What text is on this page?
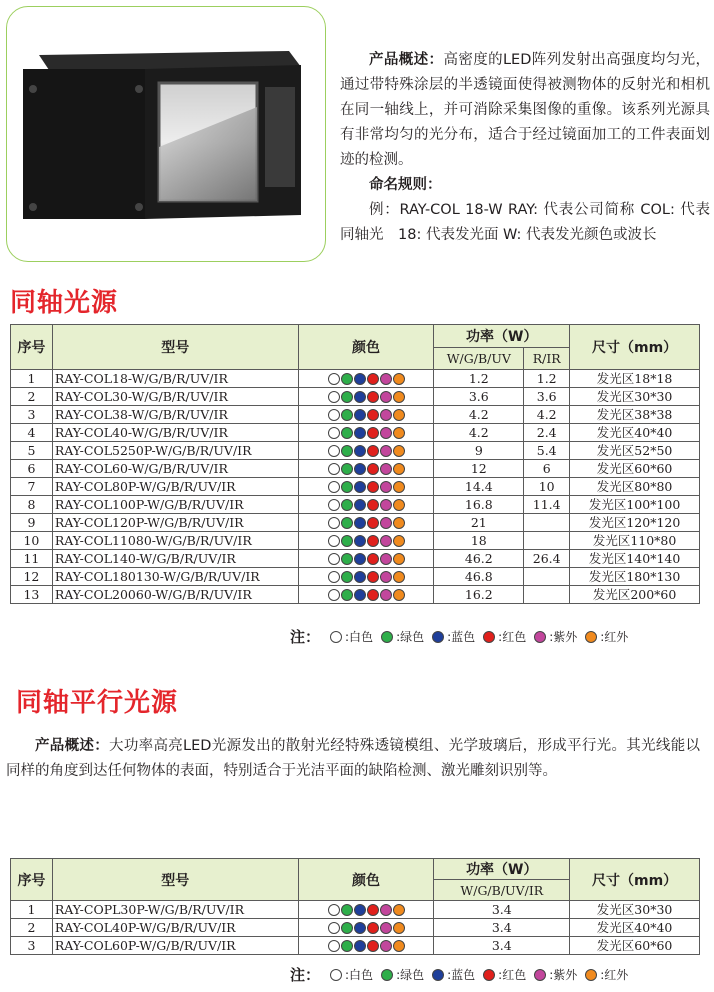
产品概述：高密度的LED阵列发射出高强度均匀光，通过带特殊涂层的半透镜面使得被测物体的反射光和相机在同一轴线上，并可消除采集图像的重像。该系列光源具有非常均匀的光分布，适合于经过镜面加工的工件表面划迹的检测。

命名规则：

例：RAY-COL 18-W RAY: 代表公司简称 COL: 代表同轴光　18: 代表发光面 W: 代表发光颜色或波长

同轴光源
序号	型号	颜色	功率（W）		尺寸（mm）
			W/G/B/UV	R/IR	
1	RAY-COL18-W/G/B/R/UV/IR		1.2	1.2	发光区18*18
2	RAY-COL30-W/G/B/R/UV/IR		3.6	3.6	发光区30*30
3	RAY-COL38-W/G/B/R/UV/IR		4.2	4.2	发光区38*38
4	RAY-COL40-W/G/B/R/UV/IR		4.2	2.4	发光区40*40
5	RAY-COL5250P-W/G/B/R/UV/IR		9	5.4	发光区52*50
6	RAY-COL60-W/G/B/R/UV/IR		12	6	发光区60*60
7	RAY-COL80P-W/G/B/R/UV/IR		14.4	10	发光区80*80
8	RAY-COL100P-W/G/B/R/UV/IR		16.8	11.4	发光区100*100
9	RAY-COL120P-W/G/B/R/UV/IR		21		发光区120*120
10	RAY-COL11080-W/G/B/R/UV/IR		18		发光区110*80
11	RAY-COL140-W/G/B/R/UV/IR		46.2	26.4	发光区140*140
12	RAY-COL180130-W/G/B/R/UV/IR		46.8		发光区180*130
13	RAY-COL20060-W/G/B/R/UV/IR		16.2		发光区200*60
注： :白色 :绿色 :蓝色 :红色 :紫外 :红外
同轴平行光源

产品概述：大功率高亮LED光源发出的散射光经特殊透镜模组、光学玻璃后，形成平行光。其光线能以同样的角度到达任何物体的表面，特别适合于光洁平面的缺陷检测、激光雕刻识别等。

序号	型号	颜色	功率（W）	尺寸（mm）
			W/G/B/UV/IR	
1	RAY-COPL30P-W/G/B/R/UV/IR		3.4	发光区30*30
2	RAY-COL40P-W/G/B/R/UV/IR		3.4	发光区40*40
3	RAY-COL60P-W/G/B/R/UV/IR		3.4	发光区60*60
注： :白色 :绿色 :蓝色 :红色 :紫外 :红外
